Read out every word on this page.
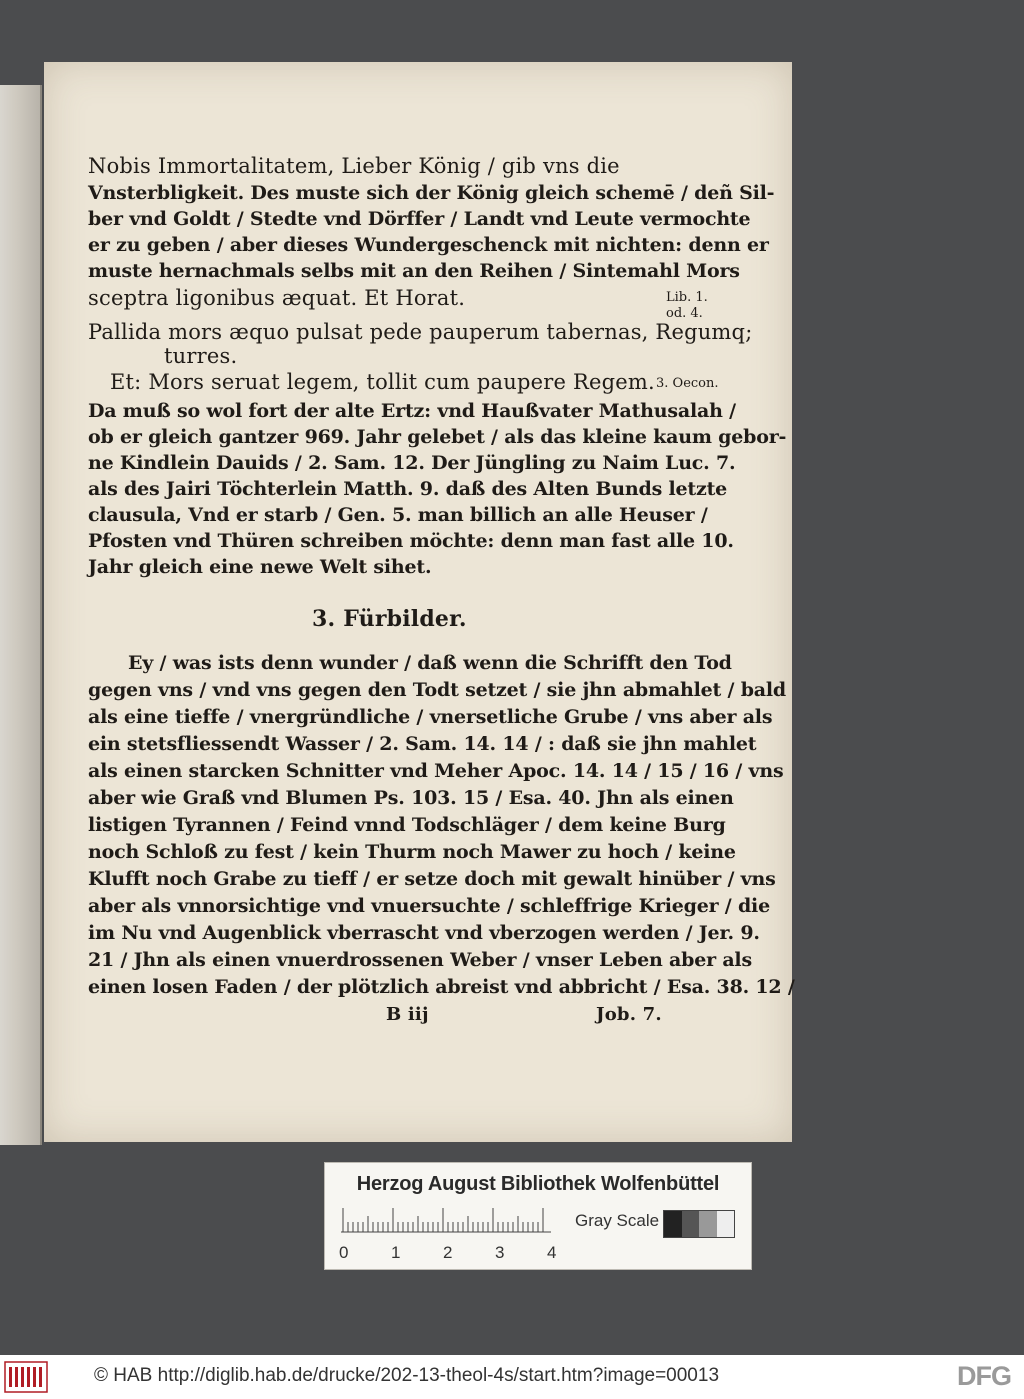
Nobis Immortalitatem, Lieber König / gib vns die
Vnsterbligkeit. Des muste sich der König gleich schemē / deñ Sil-
ber vnd Goldt / Stedte vnd Dörffer / Landt vnd Leute vermochte
er zu geben / aber dieses Wundergeschenck mit nichten: denn er
muste hernachmals selbs mit an den Reihen / Sintemahl Mors
sceptra ligonibus æquat. Et Horat.
Pallida mors æquo pulsat pede pauperum tabernas, Regumq;
turres.
Et: Mors seruat legem, tollit cum paupere Regem.
Da muß so wol fort der alte Ertz: vnd Haußvater Mathusalah /
ob er gleich gantzer 969. Jahr gelebet / als das kleine kaum gebor-
ne Kindlein Dauids / 2. Sam. 12. Der Jüngling zu Naim Luc. 7.
als des Jairi Töchterlein Matth. 9. daß des Alten Bunds letzte
clausula, Vnd er starb / Gen. 5. man billich an alle Heuser /
Pfosten vnd Thüren schreiben möchte: denn man fast alle 10.
Jahr gleich eine newe Welt sihet.
3. Fürbilder.
Ey / was ists denn wunder / daß wenn die Schrifft den Tod
gegen vns / vnd vns gegen den Todt setzet / sie jhn abmahlet / bald
als eine tieffe / vnergründliche / vnersetliche Grube / vns aber als
ein stetsfliessendt Wasser / 2. Sam. 14. 14 / : daß sie jhn mahlet
als einen starcken Schnitter vnd Meher Apoc. 14. 14 / 15 / 16 / vns
aber wie Graß vnd Blumen Ps. 103. 15 / Esa. 40. Jhn als einen
listigen Tyrannen / Feind vnnd Todschläger / dem keine Burg
noch Schloß zu fest / kein Thurm noch Mawer zu hoch / keine
Klufft noch Grabe zu tieff / er setze doch mit gewalt hinüber / vns
aber als vnnorsichtige vnd vnuersuchte / schleffrige Krieger / die
im Nu vnd Augenblick vberrascht vnd vberzogen werden / Jer. 9.
21 / Jhn als einen vnuerdrossenen Weber / vnser Leben aber als
einen losen Faden / der plötzlich abreist vnd abbricht / Esa. 38. 12 /
B iij	Job. 7.
Lib. 1.
od. 4.
3. Oecon.
Herzog August Bibliothek Wolfenbüttel
0	1	2	3	4
Gray Scale
© HAB http://diglib.hab.de/drucke/202-13-theol-4s/start.htm?image=00013	DFG
